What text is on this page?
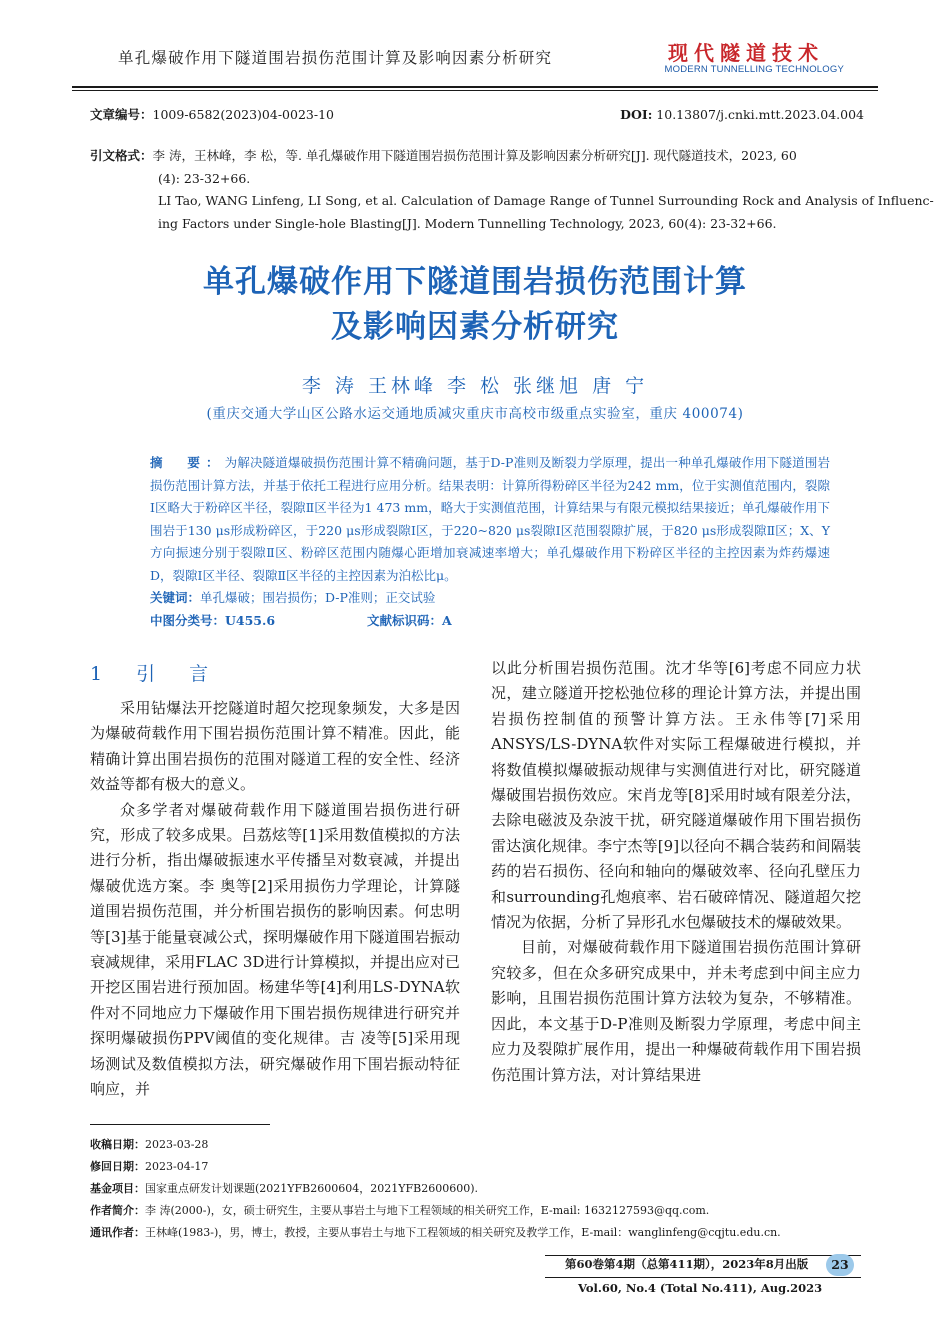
单孔爆破作用下隧道围岩损伤范围计算及影响因素分析研究	现代隧道技术
MODERN TUNNELLING TECHNOLOGY
文章编号：1009-6582(2023)04-0023-10	DOI: 10.13807/j.cnki.mtt.2023.04.004
引文格式：李 涛，王林峰，李 松，等. 单孔爆破作用下隧道围岩损伤范围计算及影响因素分析研究[J]. 现代隧道技术，2023, 60
(4): 23-32+66.
LI Tao, WANG Linfeng, LI Song, et al. Calculation of Damage Range of Tunnel Surrounding Rock and Analysis of Influenc-
ing Factors under Single-hole Blasting[J]. Modern Tunnelling Technology, 2023, 60(4): 23-32+66.
单孔爆破作用下隧道围岩损伤范围计算
及影响因素分析研究
李 涛 王林峰 李 松 张继旭 唐 宁
(重庆交通大学山区公路水运交通地质减灾重庆市高校市级重点实验室，重庆 400074)
摘　要：为解决隧道爆破损伤范围计算不精确问题，基于D-P准则及断裂力学原理，提出一种单孔爆破作用下隧道围岩损伤范围计算方法，并基于依托工程进行应用分析。结果表明：计算所得粉碎区半径为242 mm，位于实测值范围内，裂隙Ⅰ区略大于粉碎区半径，裂隙Ⅱ区半径为1 473 mm，略大于实测值范围，计算结果与有限元模拟结果接近；单孔爆破作用下围岩于130 μs形成粉碎区，于220 μs形成裂隙Ⅰ区，于220~820 μs裂隙Ⅰ区范围裂隙扩展，于820 μs形成裂隙Ⅱ区；X、Y方向振速分别于裂隙Ⅱ区、粉碎区范围内随爆心距增加衰减速率增大；单孔爆破作用下粉碎区半径的主控因素为炸药爆速D，裂隙Ⅰ区半径、裂隙Ⅱ区半径的主控因素为泊松比μ。
关键词：单孔爆破；围岩损伤；D-P准则；正交试验
中图分类号：U455.6	文献标识码：A
1 引 言

采用钻爆法开挖隧道时超欠挖现象频发，大多是因为爆破荷载作用下围岩损伤范围计算不精准。因此，能精确计算出围岩损伤的范围对隧道工程的安全性、经济效益等都有极大的意义。

众多学者对爆破荷载作用下隧道围岩损伤进行研究，形成了较多成果。吕荔炫等[1]采用数值模拟的方法进行分析，指出爆破振速水平传播呈对数衰减，并提出爆破优选方案。李 奥等[2]采用损伤力学理论，计算隧道围岩损伤范围，并分析围岩损伤的影响因素。何忠明等[3]基于能量衰减公式，探明爆破作用下隧道围岩振动衰减规律，采用FLAC 3D进行计算模拟，并提出应对已开挖区围岩进行预加固。杨建华等[4]利用LS-DYNA软件对不同地应力下爆破作用下围岩损伤规律进行研究并探明爆破损伤PPV阈值的变化规律。吉 凌等[5]采用现场测试及数值模拟方法，研究爆破作用下围岩振动特征响应，并

以此分析围岩损伤范围。沈才华等[6]考虑不同应力状况，建立隧道开挖松弛位移的理论计算方法，并提出围岩损伤控制值的预警计算方法。王永伟等[7]采用ANSYS/LS-DYNA软件对实际工程爆破进行模拟，并将数值模拟爆破振动规律与实测值进行对比，研究隧道爆破围岩损伤效应。宋肖龙等[8]采用时域有限差分法，去除电磁波及杂波干扰，研究隧道爆破作用下围岩损伤雷达演化规律。李宁杰等[9]以径向不耦合装药和间隔装药的岩石损伤、径向和轴向的爆破效率、径向孔壁压力和surrounding孔炮痕率、岩石破碎情况、隧道超欠挖情况为依据，分析了异形孔水包爆破技术的爆破效果。

目前，对爆破荷载作用下隧道围岩损伤范围计算研究较多，但在众多研究成果中，并未考虑到中间主应力影响，且围岩损伤范围计算方法较为复杂，不够精准。因此，本文基于D-P准则及断裂力学原理，考虑中间主应力及裂隙扩展作用，提出一种爆破荷载作用下围岩损伤范围计算方法，对计算结果进

收稿日期：2023-03-28
修回日期：2023-04-17
基金项目：国家重点研发计划课题(2021YFB2600604，2021YFB2600600).
作者简介：李 涛(2000-)，女，硕士研究生，主要从事岩土与地下工程领域的相关研究工作，E-mail: 1632127593@qq.com.
通讯作者：王林峰(1983-)，男，博士，教授，主要从事岩土与地下工程领域的相关研究及教学工作，E-mail：wanglinfeng@cqjtu.edu.cn.
第60卷第4期（总第411期），2023年8月出版
Vol.60, No.4 (Total No.411), Aug.2023
23
